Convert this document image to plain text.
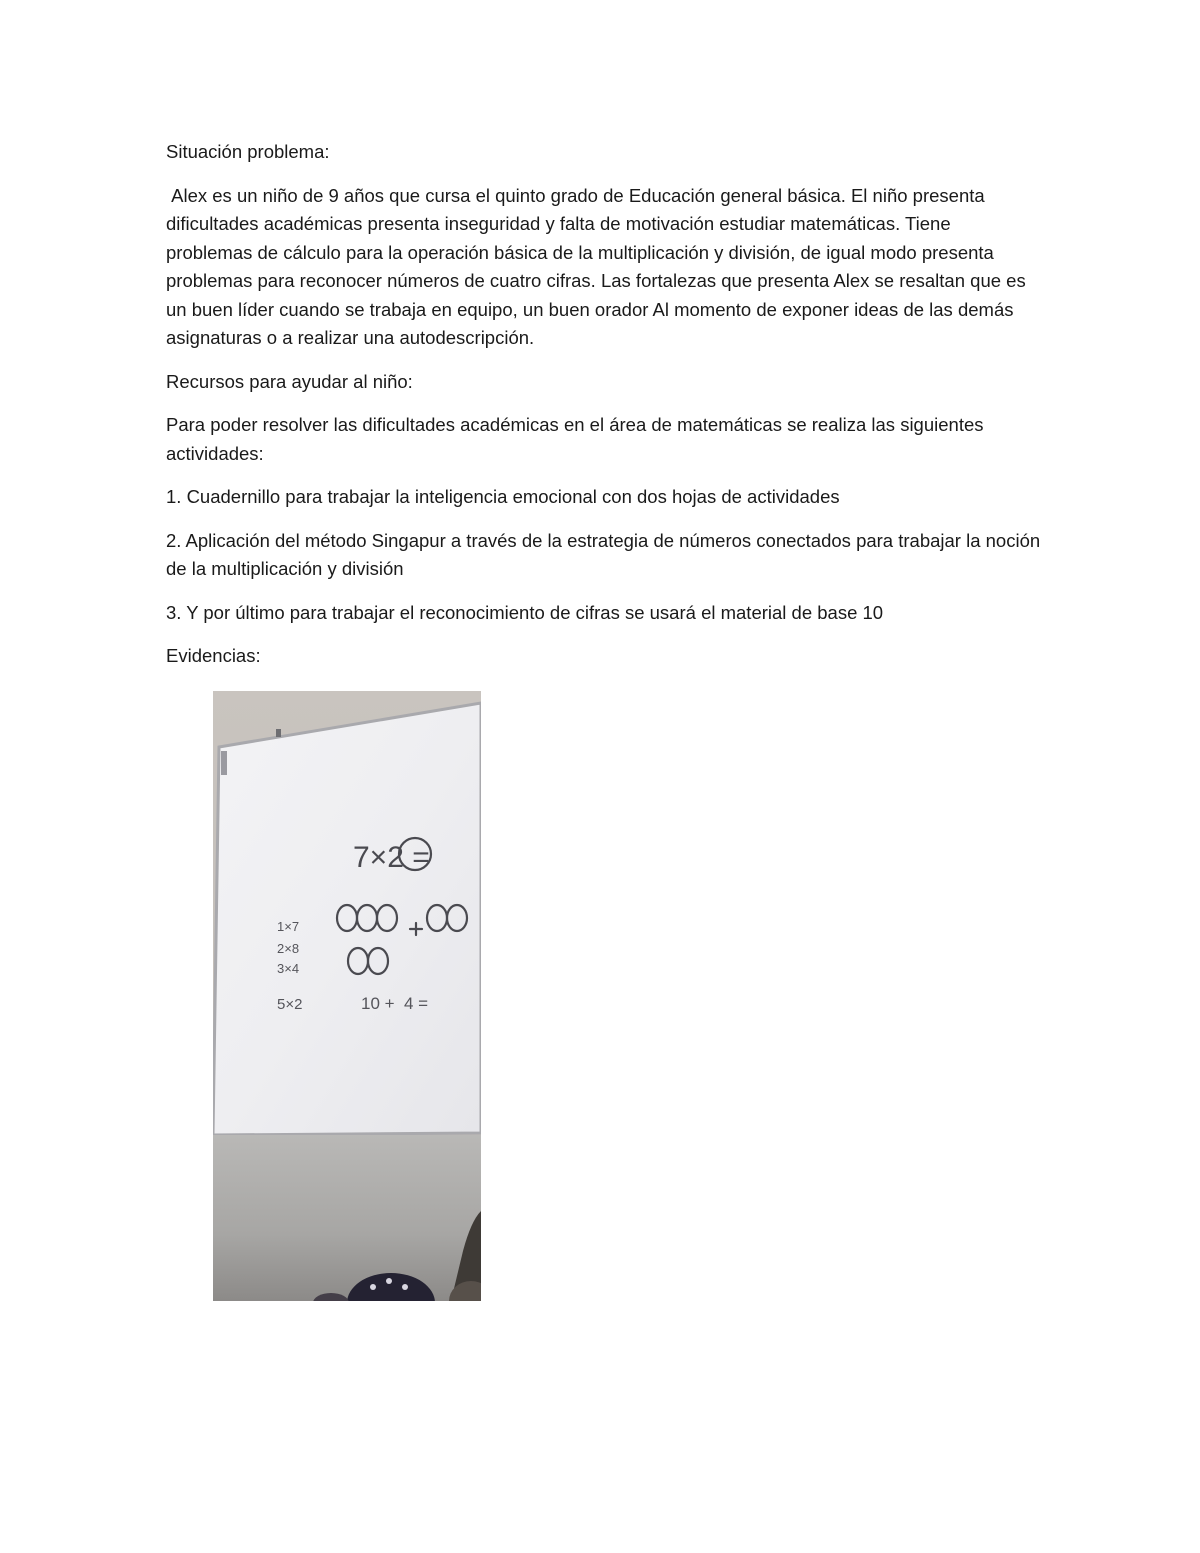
Situación problema:

Alex es un niño de 9 años que cursa el quinto grado de Educación general básica. El niño presenta dificultades académicas presenta inseguridad y falta de motivación estudiar matemáticas. Tiene problemas de cálculo para la operación básica de la multiplicación y división, de igual modo presenta problemas para reconocer números de cuatro cifras. Las fortalezas que presenta Alex se resaltan que es un buen líder cuando se trabaja en equipo, un buen orador Al momento de exponer ideas de las demás asignaturas o a realizar una autodescripción.

Recursos para ayudar al niño:

Para poder resolver las dificultades académicas en el área de matemáticas se realiza las siguientes actividades:

1. Cuadernillo para trabajar la inteligencia emocional con dos hojas de actividades

2. Aplicación del método Singapur a través de la estrategia de números conectados para trabajar la noción de la multiplicación y división

3. Y por último para trabajar el reconocimiento de cifras se usará el material de base 10

Evidencias:

7×2 =
1×7
2×8
3×4
5×2	10 +  4 =
